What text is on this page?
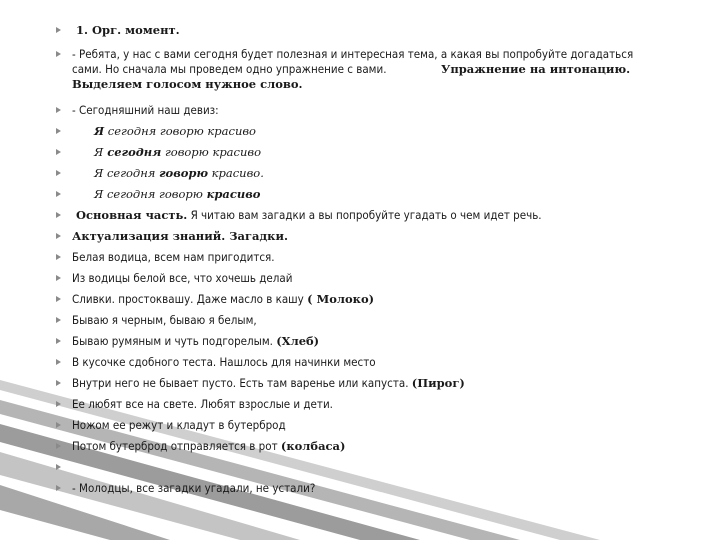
1. Орг. момент.
- Ребята, у нас с вами сегодня будет полезная и интересная тема, а какая вы попробуйте догадаться
сами. Но сначала мы проведем одно упражнение с вами.	Упражнение на интонацию.
Выделяем голосом нужное слово.
- Сегодняшний наш девиз:
Я сегодня говорю красиво
Я сегодня говорю красиво
Я сегодня говорю красиво.
Я сегодня говорю красиво
Основная часть. Я читаю вам загадки а вы попробуйте угадать о чем идет речь.
Актуализация знаний. Загадки.
Белая водица, всем нам пригодится.
Из водицы белой все, что хочешь делай
Сливки. простоквашу. Даже масло в кашу ( Молоко)
Бываю я черным, бываю я белым,
Бываю румяным и чуть подгорелым. (Хлеб)
В кусочке сдобного теста. Нашлось для начинки место
Внутри него не бывает пусто. Есть там варенье или капуста. (Пирог)
Ее любят все на свете. Любят взрослые и дети.
Ножом ее режут и кладут в бутерброд
Потом бутерброд отправляется в рот (колбаса)
- Молодцы, все загадки угадали, не устали?
